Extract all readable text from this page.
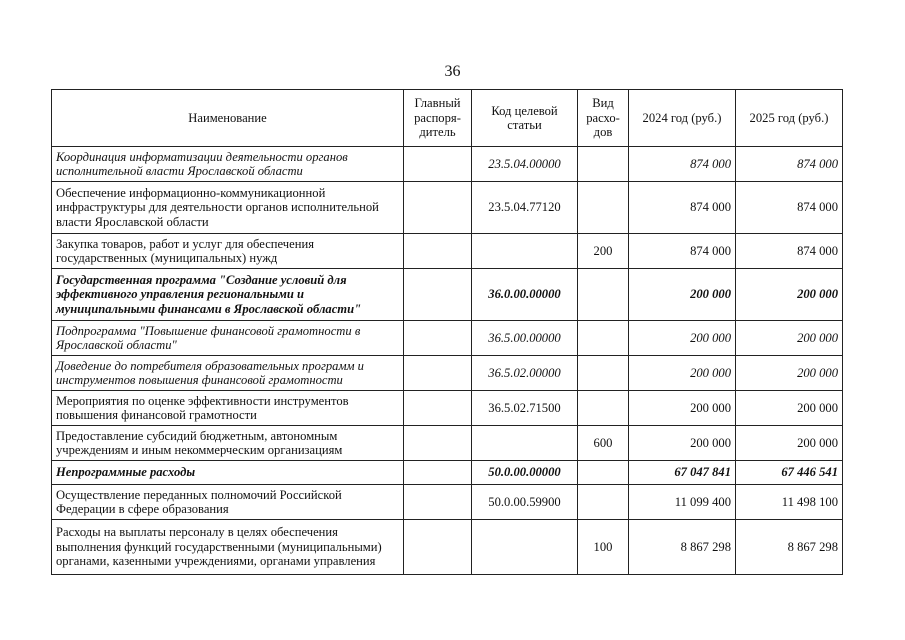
36
Наименование	Главный распоря-дитель	Код целевой статьи	Вид расхо-дов	2024 год (руб.)	2025 год (руб.)
Координация информатизации деятельности органов исполнительной власти Ярославской области		23.5.04.00000		874 000	874 000
Обеспечение информационно-коммуникационной инфраструктуры для деятельности органов исполнительной власти Ярославской области		23.5.04.77120		874 000	874 000
Закупка товаров, работ и услуг для обеспечения государственных (муниципальных) нужд			200	874 000	874 000
Государственная программа "Создание условий для эффективного управления региональными и муниципальными финансами в Ярославской области"		36.0.00.00000		200 000	200 000
Подпрограмма "Повышение финансовой грамотности в Ярославской области"		36.5.00.00000		200 000	200 000
Доведение до потребителя образовательных программ и инструментов повышения финансовой грамотности		36.5.02.00000		200 000	200 000
Мероприятия по оценке эффективности инструментов повышения финансовой грамотности		36.5.02.71500		200 000	200 000
Предоставление субсидий бюджетным, автономным учреждениям и иным некоммерческим организациям			600	200 000	200 000
Непрограммные расходы		50.0.00.00000		67 047 841	67 446 541
Осуществление переданных полномочий Российской Федерации в сфере образования		50.0.00.59900		11 099 400	11 498 100
Расходы на выплаты персоналу в целях обеспечения выполнения функций государственными (муниципальными) органами, казенными учреждениями, органами управления			100	8 867 298	8 867 298
